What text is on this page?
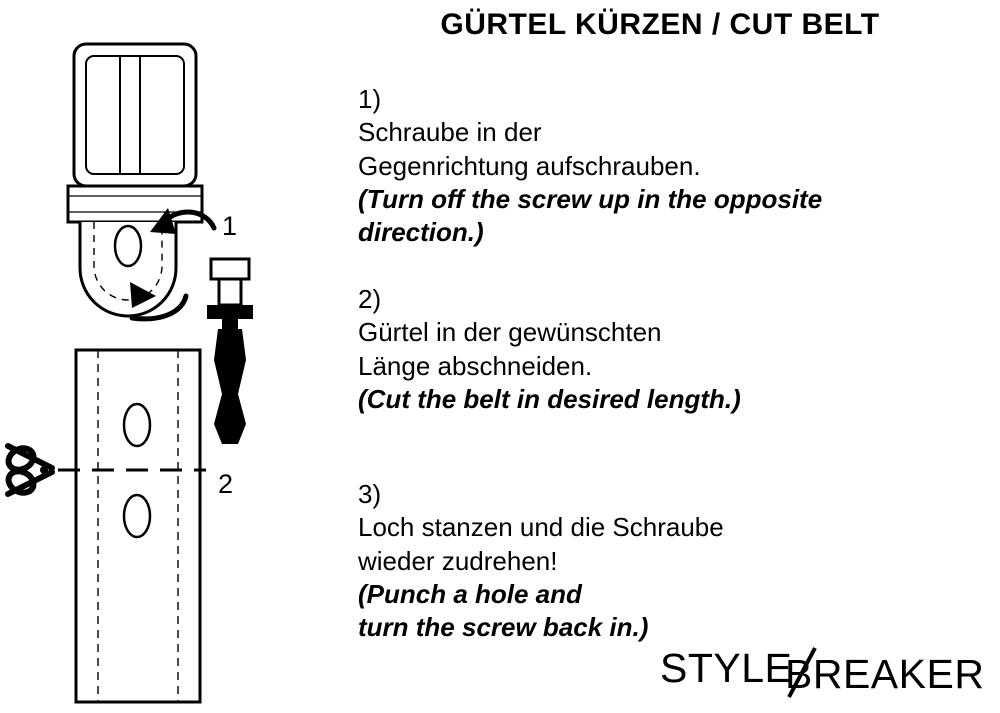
GÜRTEL KÜRZEN / CUT BELT
1)
Schraube in der
Gegenrichtung aufschrauben.
(Turn off the screw up in the opposite
direction.)
2)
Gürtel in der gewünschten
Länge abschneiden.
(Cut the belt in desired length.)
3)
Loch stanzen und die Schraube
wieder zudrehen!
(Punch a hole and
turn the screw back in.)
1
2
STYLE
BREAKER
